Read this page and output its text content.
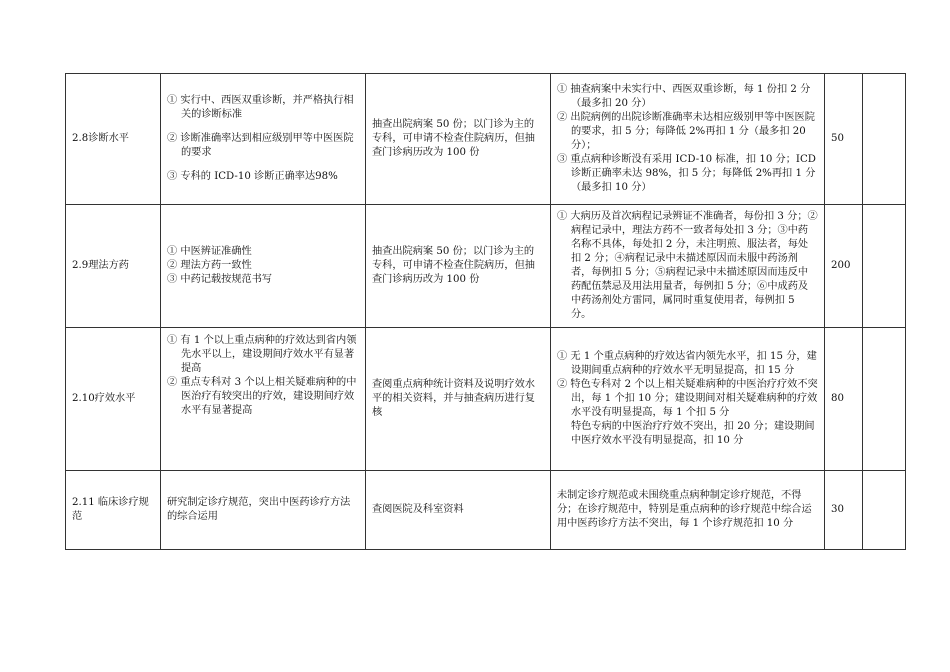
2.8诊断水平	① 实行中、西医双重诊断，并严格执行相关的诊断标准
② 诊断准确率达到相应级别甲等中医医院的要求
③ 专科的 ICD-10 诊断正确率达98%	抽查出院病案 50 份；以门诊为主的专科，可申请不检查住院病历，但抽查门诊病历改为 100 份	① 抽查病案中未实行中、西医双重诊断，每 1 份扣 2 分（最多扣 20 分）
② 出院病例的出院诊断准确率未达相应级别甲等中医医院的要求，扣 5 分；每降低 2%再扣 1 分（最多扣 20 分）；
③ 重点病种诊断没有采用 ICD-10 标准，扣 10 分；ICD 诊断正确率未达 98%，扣 5 分；每降低 2%再扣 1 分（最多扣 10 分）	50	
2.9理法方药	① 中医辨证准确性
② 理法方药一致性
③ 中药记载按规范书写	抽查出院病案 50 份；以门诊为主的专科，可申请不检查住院病历，但抽查门诊病历改为 100 份	① 大病历及首次病程记录辨证不准确者，每份扣 3 分；②病程记录中，理法方药不一致者每处扣 3 分；③中药名称不具体，每处扣 2 分，未注明煎、服法者，每处扣 2 分；④病程记录中未描述原因而未服中药汤剂者，每例扣 5 分；⑤病程记录中未描述原因而违反中药配伍禁忌及用法用量者，每例扣 5 分；⑥中成药及中药汤剂处方雷同，属同时重复使用者，每例扣 5 分。	200	
2.10疗效水平	① 有 1 个以上重点病种的疗效达到省内领先水平以上，建设期间疗效水平有显著提高
② 重点专科对 3 个以上相关疑难病种的中医治疗有较突出的疗效，建设期间疗效水平有显著提高	查阅重点病种统计资料及说明疗效水平的相关资料，并与抽查病历进行复核	① 无 1 个重点病种的疗效达省内领先水平，扣 15 分，建设期间重点病种的疗效水平无明显提高，扣 15 分
② 特色专科对 2 个以上相关疑难病种的中医治疗疗效不突出，每 1 个扣 10 分；建设期间对相关疑难病种的疗效水平没有明显提高，每 1 个扣 5 分
特色专病的中医治疗疗效不突出，扣 20 分；建设期间中医疗效水平没有明显提高，扣 10 分	80	
2.11 临床诊疗规范	研究制定诊疗规范，突出中医药诊疗方法的综合运用	查阅医院及科室资料	未制定诊疗规范或未围绕重点病种制定诊疗规范，不得分；在诊疗规范中，特别是重点病种的诊疗规范中综合运用中医药诊疗方法不突出，每 1 个诊疗规范扣 10 分	30	
